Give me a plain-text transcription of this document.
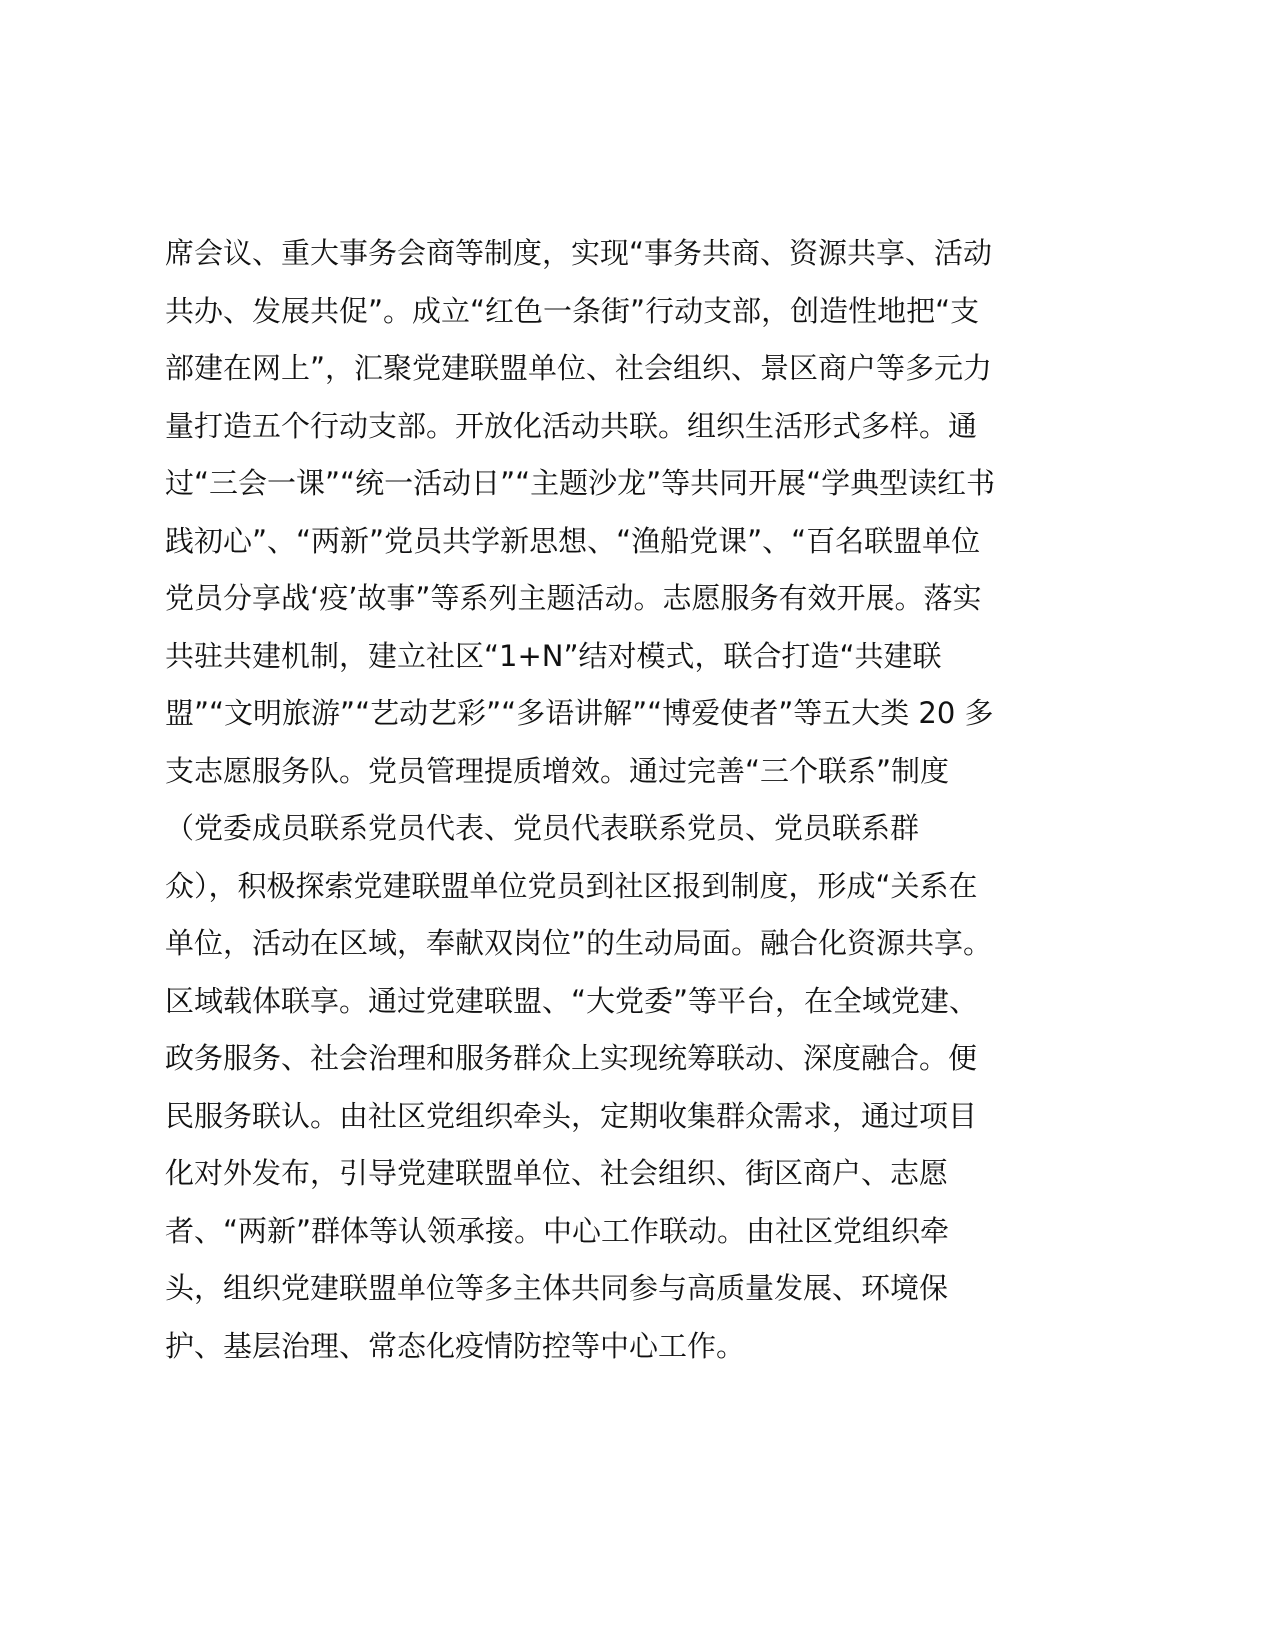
席会议、重大事务会商等制度，实现“事务共商、资源共享、活动
共办、发展共促”。成立“红色一条街”行动支部，创造性地把“支
部建在网上”，汇聚党建联盟单位、社会组织、景区商户等多元力
量打造五个行动支部。开放化活动共联。组织生活形式多样。通
过“三会一课”“统一活动日”“主题沙龙”等共同开展“学典型读红书
践初心”、“两新”党员共学新思想、“渔船党课”、“百名联盟单位
党员分享战‘疫’故事”等系列主题活动。志愿服务有效开展。落实
共驻共建机制，建立社区“1+N”结对模式，联合打造“共建联
盟”“文明旅游”“艺动艺彩”“多语讲解”“博爱使者”等五大类 20 多
支志愿服务队。党员管理提质增效。通过完善“三个联系”制度
（党委成员联系党员代表、党员代表联系党员、党员联系群
众），积极探索党建联盟单位党员到社区报到制度，形成“关系在
单位，活动在区域，奉献双岗位”的生动局面。融合化资源共享。
区域载体联享。通过党建联盟、“大党委”等平台，在全域党建、
政务服务、社会治理和服务群众上实现统筹联动、深度融合。便
民服务联认。由社区党组织牵头，定期收集群众需求，通过项目
化对外发布，引导党建联盟单位、社会组织、街区商户、志愿
者、“两新”群体等认领承接。中心工作联动。由社区党组织牵
头，组织党建联盟单位等多主体共同参与高质量发展、环境保
护、基层治理、常态化疫情防控等中心工作。
